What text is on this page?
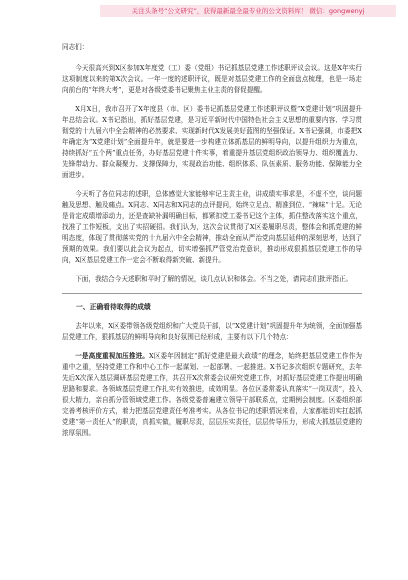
关注头条号“公文研究”，获得最新最全最专业的公文资料库！ 微信：gongwenyj
同志们：

今天很高兴到X区参加X年度党（工）委（党组）书记抓基层党建工作述职评议会议。这是X年实行这项制度以来的第X次会议。一年一度的述职评议，既是对基层党建工作的全面盘点梳理，也是一场走向前台的“年终大考”，更是对各级党委书记聚焦主业主责的督促提醒。

X月X日，我市召开了X年度县（市、区）委书记抓基层党建工作述职评议暨“X党建计划”巩固提升年总结会议。X书记指出，抓好基层党建，是习近平新时代中国特色社会主义思想的重要内容、学习贯彻党的十九届六中全会精神的必然要求、实现新时代X发展美好蓝图的坚强保证。X书记强调，市委把X年确定为“X党建计划”全面提升年，就是要进一步构建立体抓基层的鲜明导向，以提升组织力为重点，持续抓好“五个两”重点任务，办好基层党建十件实事，着重提升基层党组织政治领导力、组织覆盖力、先锋带动力、群众凝聚力、支撑保障力，实现政治功能、组织体系、队伍素质、服务功能、保障能力全面进步。

今天听了各位同志的述职，总体感觉大家能够牢记主责主业，讲成绩实事求是，不虚不空，谈问题触及思想、触及痛点。X同志、X同志和X同志的点评提问，始终立足点、精准到位、“辣味”十足。无论是肯定成绩增添动力，还是查缺补漏明确目标，都紧扣党工委书记这个主体，抓住整改落实这个重点，找准了工作短板，支出了实招硬招。我们认为，这次会议贯彻了X区委履职尽责，整体会和抓党建的鲜明态度，体现了贯彻落实党的十九届六中全会精神，推动全面从严治党向基层延伸的深刻思考，达到了预期的效果。我们要以此会议为起点，切实增强抓严管党治党意识，推动形成狠抓基层党建工作的导向，X区基层党建工作一定会不断取得新突破、新提升。

下面，我结合今天述职和平时了解的情况，谈几点认识和体会。不当之处，请同志们批评指正。

一、正确看待取得的成绩

去年以来，X区委带领各级党组织和广大党员干部，以“X党建计划”巩固提升年为统领，全面加强基层党建工作，狠抓基层的鲜明导向和良好氛围已经形成，主要有以下几个特点：

一是高度重视加压推进。X区委年因制定“抓好党建是最大政绩”的理念，始终把基层党建工作作为重中之重，坚持党建工作和中心工作一起谋划、一起部署、一起推进。X书记多次组织专题研究，去年先后X次深入基层调研基层党建工作，共召开X次常委会议研究党建工作，对抓好基层党建工作提出明确思路和要求。各领域基层党建工作扎实有效推进，成效明显。各位区委常委认真落实“一岗双责”，投入很大精力，亲自抓分管领域党建工作。各级党委普遍建立领导干部联系点，定期例会制度。区委组织部完善考核评价方式，着力把基层党建责任考准考实。从各位书记的述职情况来看，大家都能切实扛起抓党建“第一责任人”的职责，真抓实做，履职尽责，层层压实责任，层层传导压力，形成大抓基层党建的浓厚氛围。
